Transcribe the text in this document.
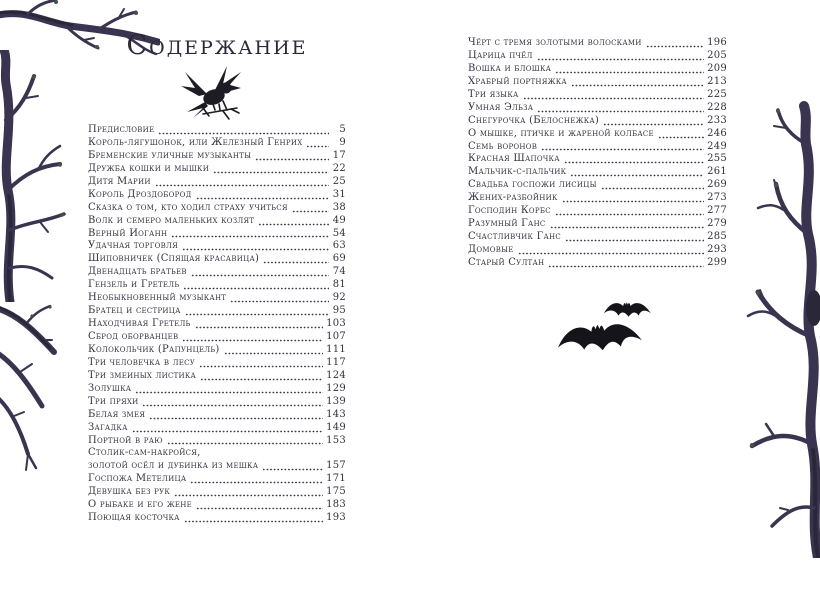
Содержание
Предисловие	5
Король-лягушонок, или Железный Генрих	9
Бременские уличные музыканты	17
Дружба кошки и мышки	22
Дитя Марии	25
Король Дроздобород	31
Сказка о том, кто ходил страху учиться	38
Волк и семеро маленьких козлят	49
Верный Иоганн	54
Удачная торговля	63
Шиповничек (Спящая красавица)	69
Двенадцать братьев	74
Гензель и Гретель	81
Необыкновенный музыкант	92
Братец и сестрица	95
Находчивая Гретель	103
Сброд оборванцев	107
Колокольчик (Рапунцель)	111
Три человечка в лесу	117
Три змеиных листика	124
Золушка	129
Три пряхи	139
Белая змея	143
Загадка	149
Портной в раю	153
Столик-сам-накройся,
золотой осёл и дубинка из мешка	157
Госпожа Метелица	171
Девушка без рук	175
О рыбаке и его жене	183
Поющая косточка	193
Чёрт с тремя золотыми волосками	196
Царица пчёл	205
Вошка и блошка	209
Храбрый портняжка	213
Три языка	225
Умная Эльза	228
Снегурочка (Белоснежка)	233
О мышке, птичке и жареной колбасе	246
Семь воронов	249
Красная Шапочка	255
Мальчик-с-пальчик	261
Свадьба госпожи лисицы	269
Жених-разбойник	273
Господин Корбс	277
Разумный Ганс	279
Счастливчик Ганс	285
Домовые	293
Старый Султан	299
